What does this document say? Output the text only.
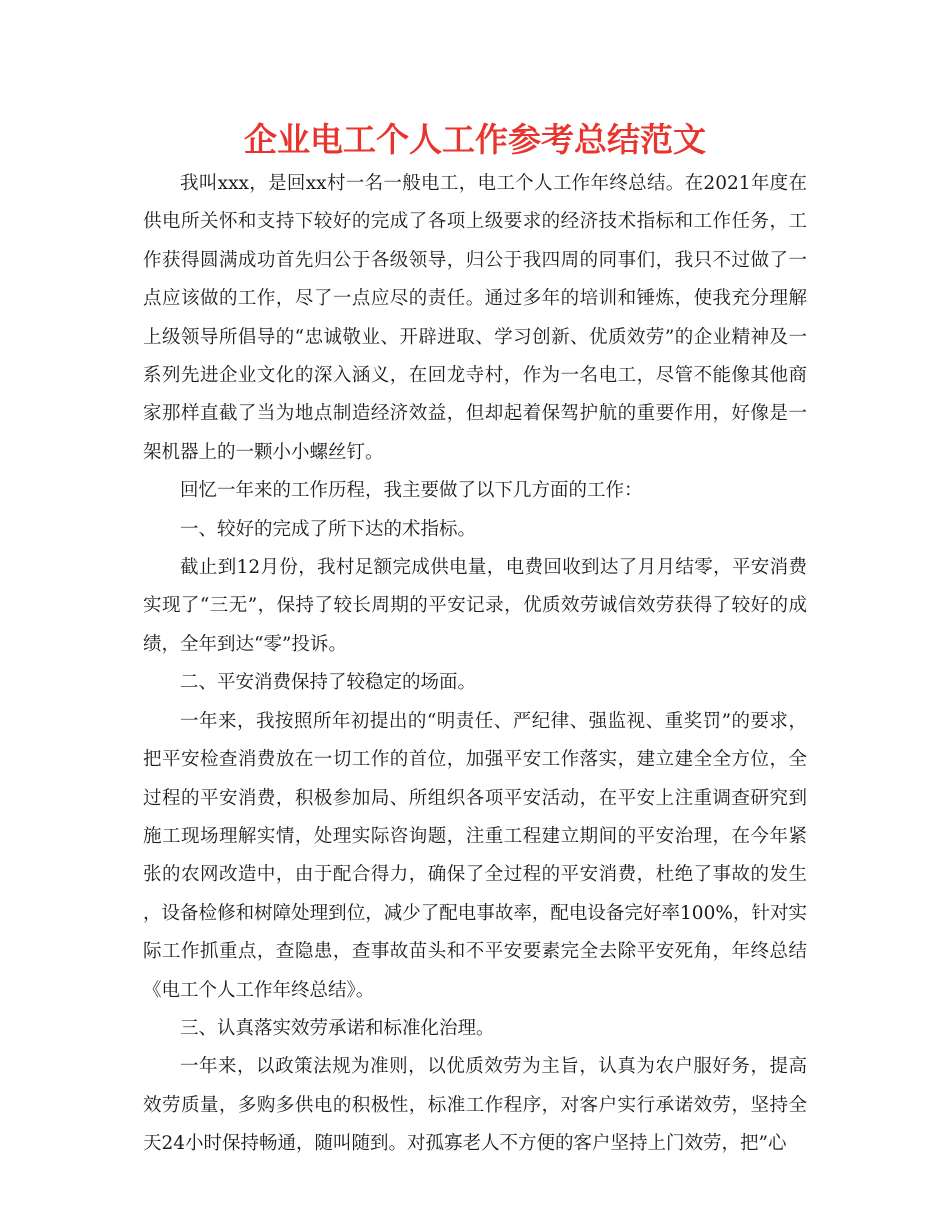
企业电工个人工作参考总结范文

我叫xxx，是回xx村一名一般电工，电工个人工作年终总结。在2021年度在供电所关怀和支持下较好的完成了各项上级要求的经济技术指标和工作任务，工作获得圆满成功首先归公于各级领导，归公于我四周的同事们，我只不过做了一点应该做的工作，尽了一点应尽的责任。通过多年的培训和锤炼，使我充分理解上级领导所倡导的“忠诚敬业、开辟进取、学习创新、优质效劳”的企业精神及一系列先进企业文化的深入涵义，在回龙寺村，作为一名电工，尽管不能像其他商家那样直截了当为地点制造经济效益，但却起着保驾护航的重要作用，好像是一架机器上的一颗小小螺丝钉。

回忆一年来的工作历程，我主要做了以下几方面的工作：

一、较好的完成了所下达的术指标。

截止到12月份，我村足额完成供电量，电费回收到达了月月结零，平安消费实现了“三无”，保持了较长周期的平安记录，优质效劳诚信效劳获得了较好的成绩，全年到达“零”投诉。

二、平安消费保持了较稳定的场面。

一年来，我按照所年初提出的“明责任、严纪律、强监视、重奖罚”的要求，把平安检查消费放在一切工作的首位，加强平安工作落实，建立建全全方位，全过程的平安消费，积极参加局、所组织各项平安活动，在平安上注重调查研究到施工现场理解实情，处理实际咨询题，注重工程建立期间的平安治理，在今年紧张的农网改造中，由于配合得力，确保了全过程的平安消费，杜绝了事故的发生，设备检修和树障处理到位，减少了配电事故率，配电设备完好率100%，针对实际工作抓重点，查隐患，查事故苗头和不平安要素完全去除平安死角，年终总结《电工个人工作年终总结》。

三、认真落实效劳承诺和标准化治理。

一年来，以政策法规为准则，以优质效劳为主旨，认真为农户服好务，提高效劳质量，多购多供电的积极性，标准工作程序，对客户实行承诺效劳，坚持全天24小时保持畅通，随叫随到。对孤寡老人不方便的客户坚持上门效劳，把”心
